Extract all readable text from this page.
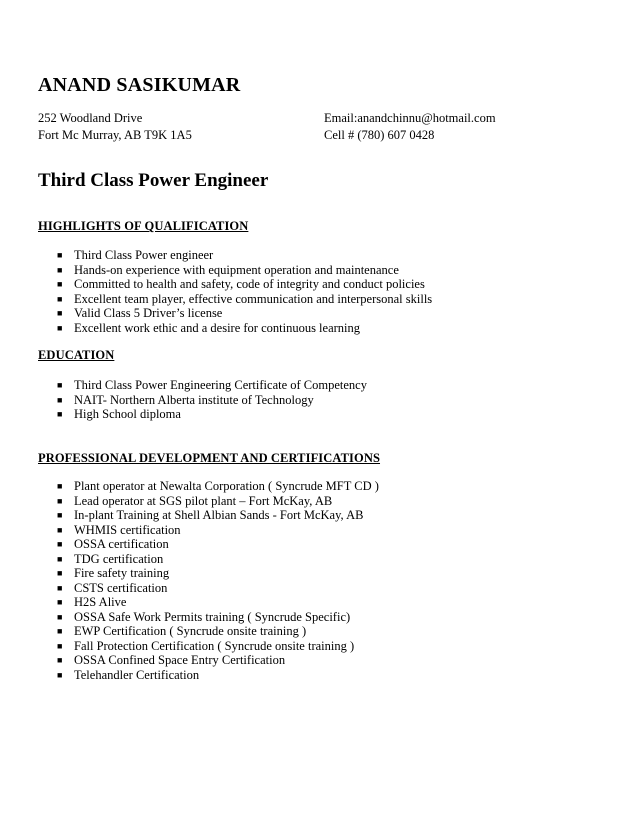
ANAND SASIKUMAR
252 Woodland Drive
Fort Mc Murray, AB T9K 1A5
Email:anandchinnu@hotmail.com
Cell # (780) 607 0428
Third Class Power Engineer
HIGHLIGHTS OF QUALIFICATION
■ Third Class Power engineer
■ Hands-on experience with equipment operation and maintenance
■ Committed to health and safety, code of integrity and conduct policies
■ Excellent team player, effective communication and interpersonal skills
■ Valid Class 5 Driver’s license
■ Excellent work ethic and a desire for continuous learning
EDUCATION
■ Third Class Power Engineering Certificate of Competency
■ NAIT- Northern Alberta institute of Technology
■ High School diploma
PROFESSIONAL DEVELOPMENT AND CERTIFICATIONS
■ Plant operator at Newalta Corporation ( Syncrude MFT CD )
■ Lead operator at SGS pilot plant – Fort McKay, AB
■ In-plant Training at Shell Albian Sands - Fort McKay, AB
■ WHMIS certification
■ OSSA certification
■ TDG certification
■ Fire safety training
■ CSTS certification
■ H2S Alive
■ OSSA Safe Work Permits training ( Syncrude Specific)
■ EWP Certification ( Syncrude onsite training )
■ Fall Protection Certification ( Syncrude onsite training )
■ OSSA Confined Space Entry Certification
■ Telehandler Certification
